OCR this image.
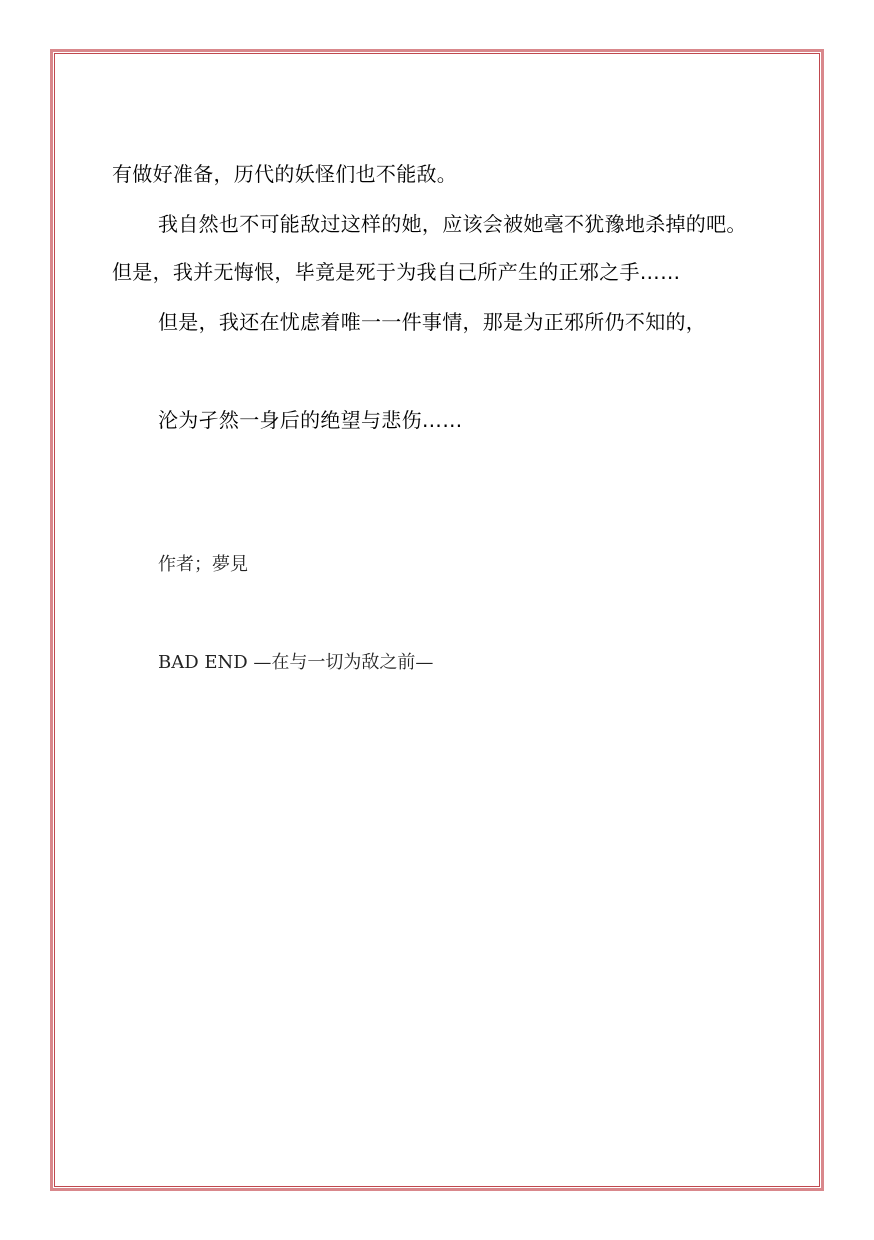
有做好准备，历代的妖怪们也不能敌。

我自然也不可能敌过这样的她，应该会被她毫不犹豫地杀掉的吧。

但是，我并无悔恨，毕竟是死于为我自己所产生的正邪之手……

但是，我还在忧虑着唯一一件事情，那是为正邪所仍不知的，

沦为孑然一身后的绝望与悲伤……

作者；夢見

BAD END —在与一切为敌之前—
